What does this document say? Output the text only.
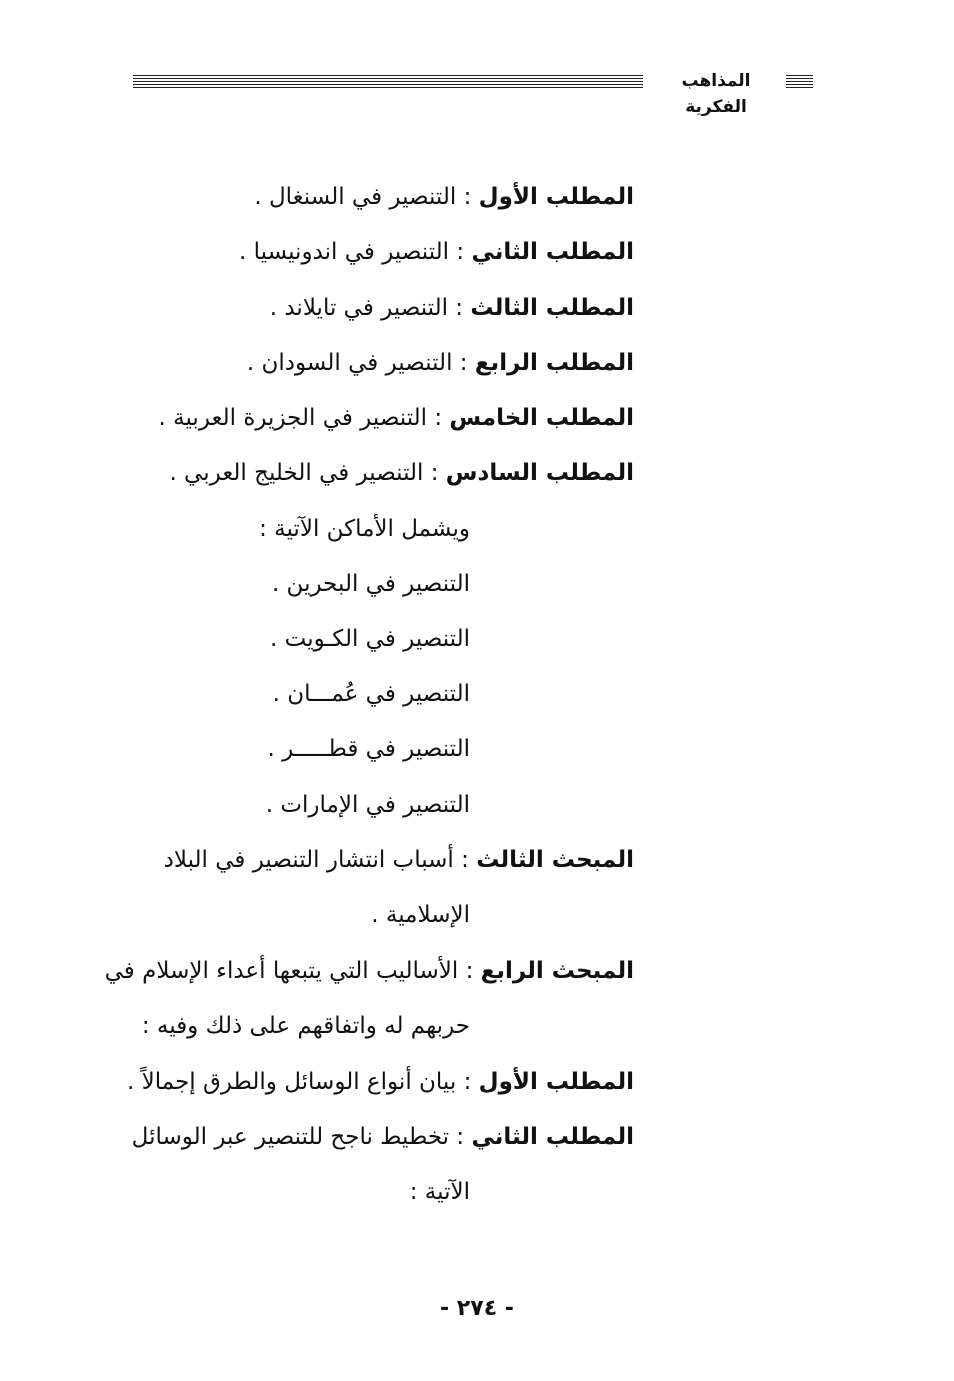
المذاهب الفكرية
المطلب الأول : التنصير في السنغال .
المطلب الثاني : التنصير في اندونيسيا .
المطلب الثالث : التنصير في تايلاند .
المطلب الرابع : التنصير في السودان .
المطلب الخامس : التنصير في الجزيرة العربية .
المطلب السادس : التنصير في الخليج العربي .
ويشمل الأماكن الآتية :
التنصير في البحرين .
التنصير في الكـويت .
التنصير في عُمـــان .
التنصير في قطـــــر .
التنصير في الإمارات .
المبحث الثالث : أسباب انتشار التنصير في البلاد
الإسلامية .
المبحث الرابع : الأساليب التي يتبعها أعداء الإسلام في
حربهم له واتفاقهم على ذلك وفيه :
المطلب الأول : بيان أنواع الوسائل والطرق إجمالاً .
المطلب الثاني : تخطيط ناجح للتنصير عبر الوسائل
الآتية :
- ٢٧٤ -
